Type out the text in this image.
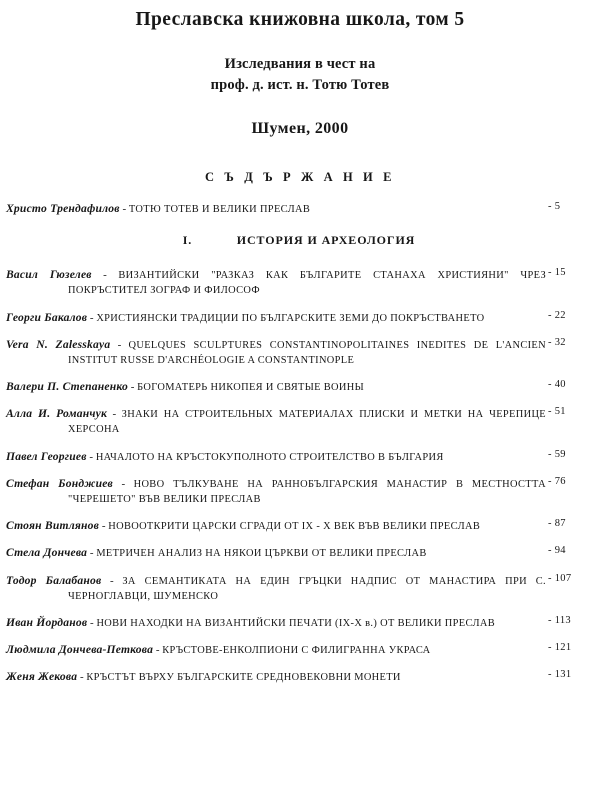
Преславска книжовна школа, том 5
Изследвания в чест на
проф. д. ист. н. Тотю Тотев
Шумен, 2000
С Ъ Д Ъ Р Ж А Н И Е
Христо Трендафилов - ТОТЮ ТОТЕВ И ВЕЛИКИ ПРЕСЛАВ	- 5
I.	ИСТОРИЯ И АРХЕОЛОГИЯ
Васил Гюзелев - ВИЗАНТИЙСКИ "РАЗКАЗ КАК БЪЛГАРИТЕ СТАНАХА ХРИСТИЯНИ" ЧРЕЗ ПОКРЪСТИТЕЛ ЗОГРАФ И ФИЛОСОФ
- 15
Георги Бакалов - ХРИСТИЯНСКИ ТРАДИЦИИ ПО БЪЛГАРСКИТЕ ЗЕМИ ДО ПОКРЪСТВАНЕТО	- 22
Vera N. Zalesskaya - QUELQUES SCULPTURES CONSTANTINOPOLITAINES INEDITES DE L'ANCIEN INSTITUT RUSSE D'ARCHÉOLOGIE A CONSTANTINOPLE
- 32
Валери П. Степаненко - БОГОМАТЕРЬ НИКОПЕЯ И СВЯТЫЕ ВОИНЫ	- 40
Алла И. Романчук - ЗНАКИ НА СТРОИТЕЛЬНЫХ МАТЕРИАЛАХ ПЛИСКИ И МЕТКИ НА ЧЕРЕПИЦЕ ХЕРСОНА
- 51
Павел Георгиев - НАЧАЛОТО НА КРЪСТОКУПОЛНОТО СТРОИТЕЛСТВО В БЪЛГАРИЯ	- 59
Стефан Бонджиев - НОВО ТЪЛКУВАНЕ НА РАННОБЪЛГАРСКИЯ МАНАСТИР В МЕСТНОСТТА "ЧЕРЕШЕТО" ВЪВ ВЕЛИКИ ПРЕСЛАВ
- 76
Стоян Витлянов - НОВООТКРИТИ ЦАРСКИ СГРАДИ ОТ IX - X ВЕК ВЪВ ВЕЛИКИ ПРЕСЛАВ	- 87
Стела Дончева - МЕТРИЧЕН АНАЛИЗ НА НЯКОИ ЦЪРКВИ ОТ ВЕЛИКИ ПРЕСЛАВ	- 94
Тодор Балабанов - ЗА СЕМАНТИКАТА НА ЕДИН ГРЪЦКИ НАДПИС ОТ МАНАСТИРА ПРИ С. ЧЕРНОГЛАВЦИ, ШУМЕНСКО
- 107
Иван Йорданов - НОВИ НАХОДКИ НА ВИЗАНТИЙСКИ ПЕЧАТИ (IX-X в.) ОТ ВЕЛИКИ ПРЕСЛАВ	- 113
Людмила Дончева-Петкова - КРЪСТОВЕ-ЕНКОЛПИОНИ С ФИЛИГРАННА УКРАСА	- 121
Женя Жекова - КРЪСТЪТ ВЪРХУ БЪЛГАРСКИТЕ СРЕДНОВЕКОВНИ МОНЕТИ	- 131
